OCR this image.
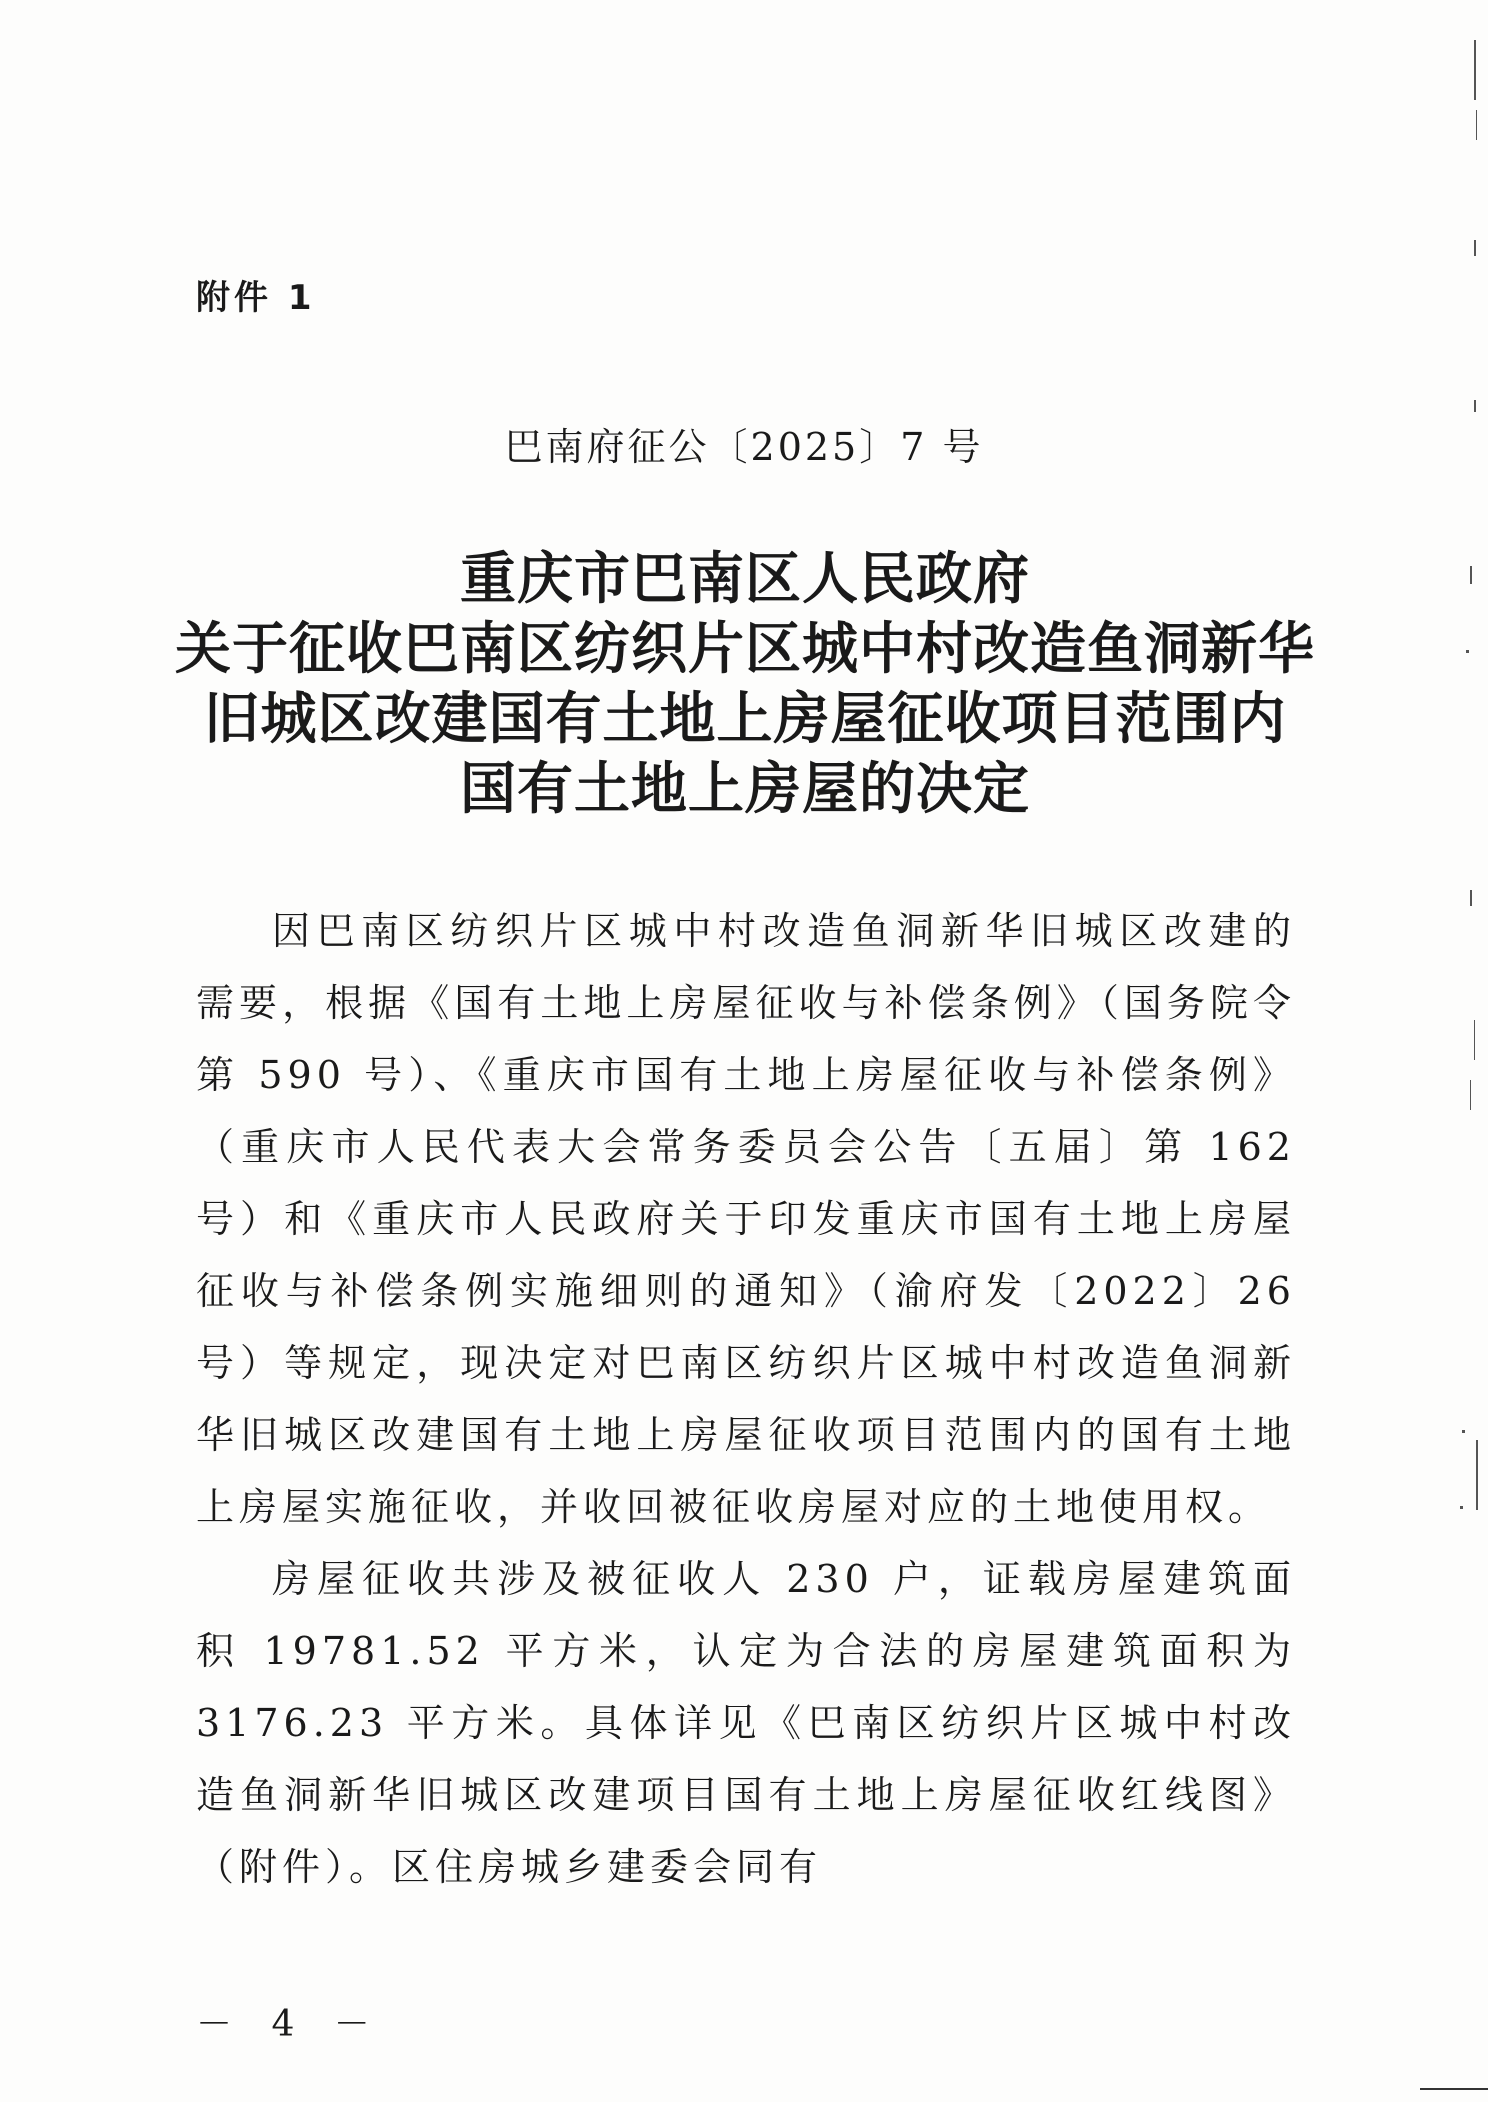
附件 1
巴南府征公〔2025〕7 号
重庆市巴南区人民政府
关于征收巴南区纺织片区城中村改造鱼洞新华
旧城区改建国有土地上房屋征收项目范围内
国有土地上房屋的决定

因巴南区纺织片区城中村改造鱼洞新华旧城区改建的需要，根据《国有土地上房屋征收与补偿条例》（国务院令第 590 号）、《重庆市国有土地上房屋征收与补偿条例》（重庆市人民代表大会常务委员会公告〔五届〕第 162 号）和《重庆市人民政府关于印发重庆市国有土地上房屋征收与补偿条例实施细则的通知》（渝府发〔2022〕26 号）等规定，现决定对巴南区纺织片区城中村改造鱼洞新华旧城区改建国有土地上房屋征收项目范围内的国有土地上房屋实施征收，并收回被征收房屋对应的土地使用权。

房屋征收共涉及被征收人 230 户，证载房屋建筑面积 19781.52 平方米，认定为合法的房屋建筑面积为 3176.23 平方米。具体详见《巴南区纺织片区城中村改造鱼洞新华旧城区改建项目国有土地上房屋征收红线图》（附件）。区住房城乡建委会同有

－ 4 －
